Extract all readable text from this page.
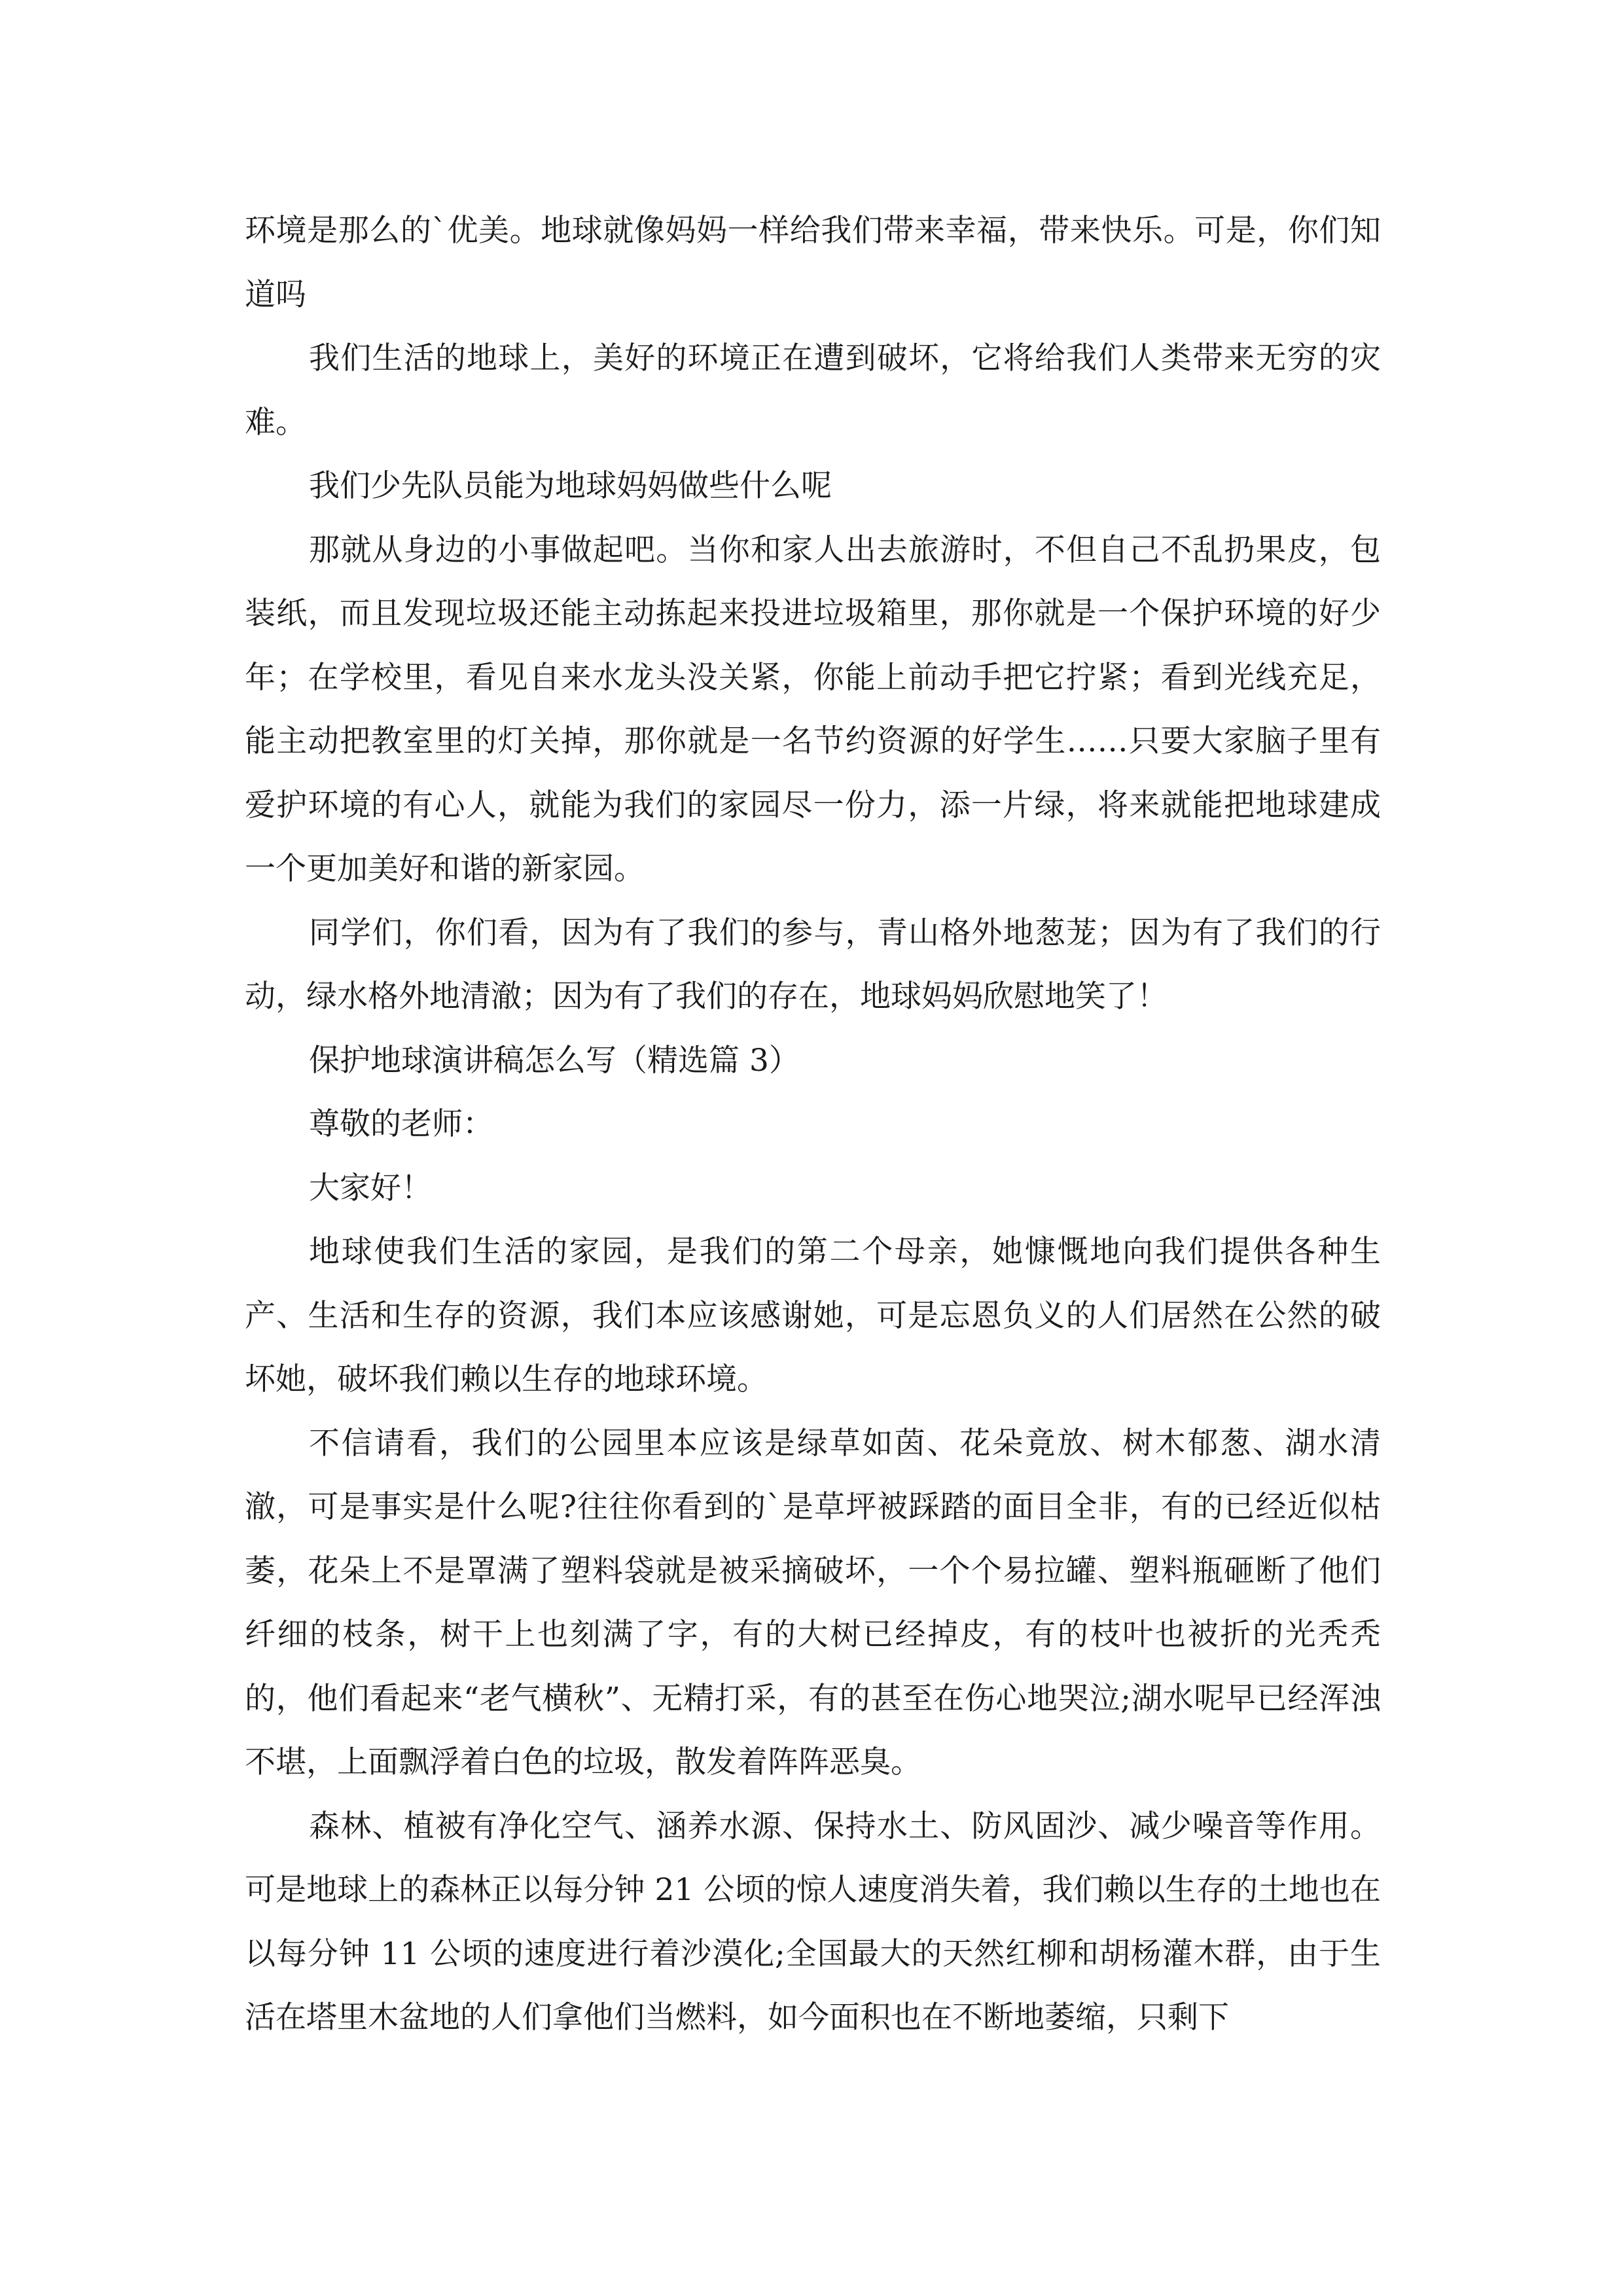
环境是那么的`优美。地球就像妈妈一样给我们带来幸福，带来快乐。可是，你们知道吗

我们生活的地球上，美好的环境正在遭到破坏，它将给我们人类带来无穷的灾难。

我们少先队员能为地球妈妈做些什么呢

那就从身边的小事做起吧。当你和家人出去旅游时，不但自己不乱扔果皮，包装纸，而且发现垃圾还能主动拣起来投进垃圾箱里，那你就是一个保护环境的好少年；在学校里，看见自来水龙头没关紧，你能上前动手把它拧紧；看到光线充足，能主动把教室里的灯关掉，那你就是一名节约资源的好学生……只要大家脑子里有爱护环境的有心人，就能为我们的家园尽一份力，添一片绿，将来就能把地球建成一个更加美好和谐的新家园。

同学们，你们看，因为有了我们的参与，青山格外地葱茏；因为有了我们的行动，绿水格外地清澈；因为有了我们的存在，地球妈妈欣慰地笑了！

保护地球演讲稿怎么写（精选篇 3）

尊敬的老师：

大家好！

地球使我们生活的家园，是我们的第二个母亲，她慷慨地向我们提供各种生产、生活和生存的资源，我们本应该感谢她，可是忘恩负义的人们居然在公然的破坏她，破坏我们赖以生存的地球环境。

不信请看，我们的公园里本应该是绿草如茵、花朵竟放、树木郁葱、湖水清澈，可是事实是什么呢?往往你看到的`是草坪被踩踏的面目全非，有的已经近似枯萎，花朵上不是罩满了塑料袋就是被采摘破坏，一个个易拉罐、塑料瓶砸断了他们纤细的枝条，树干上也刻满了字，有的大树已经掉皮，有的枝叶也被折的光秃秃的，他们看起来“老气横秋”、无精打采，有的甚至在伤心地哭泣;湖水呢早已经浑浊不堪，上面飘浮着白色的垃圾，散发着阵阵恶臭。

森林、植被有净化空气、涵养水源、保持水土、防风固沙、减少噪音等作用。可是地球上的森林正以每分钟 21 公顷的惊人速度消失着，我们赖以生存的土地也在以每分钟 11 公顷的速度进行着沙漠化;全国最大的天然红柳和胡杨灌木群，由于生活在塔里木盆地的人们拿他们当燃料，如今面积也在不断地萎缩，只剩下
